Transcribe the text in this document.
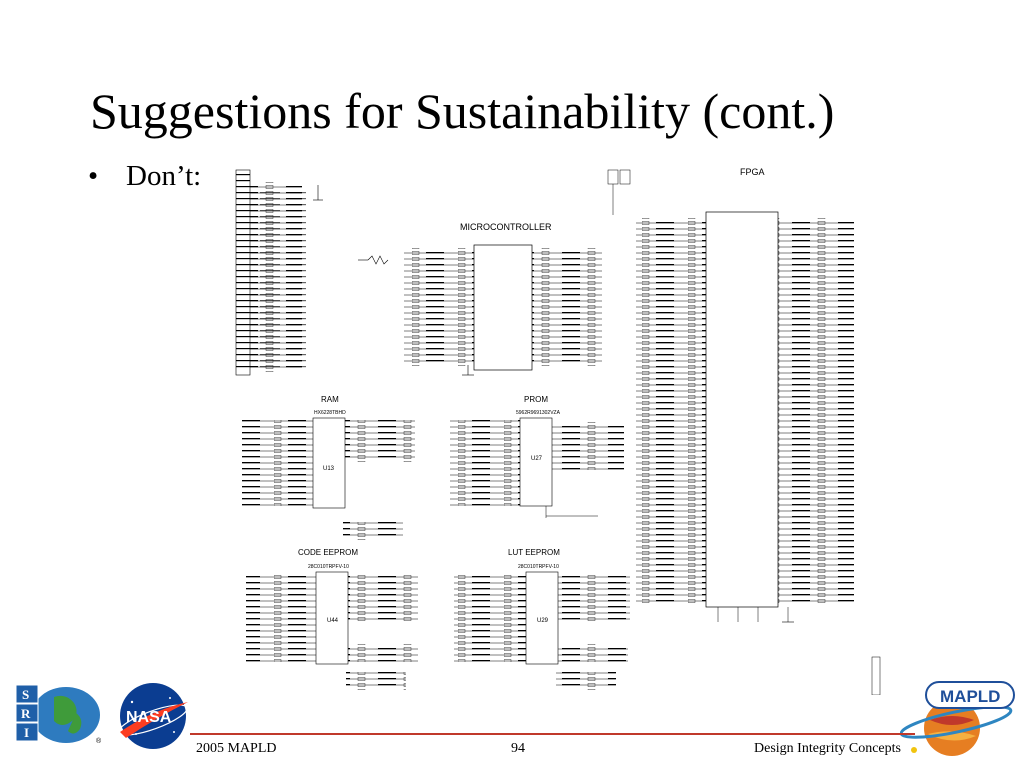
Suggestions for Sustainability (cont.)
• Don’t:
MICROCONTROLLER
FPGA
RAM
HX6228TBHD
U13
PROM
5962R9691302VZA
U27
CODE EEPROM
28C010TRPFV-10
U44
LUT EEPROM
28C010TRPFV-10
U29
S
R
I
®
NASA
MAPLD
2005 MAPLD	94	Design Integrity Concepts
